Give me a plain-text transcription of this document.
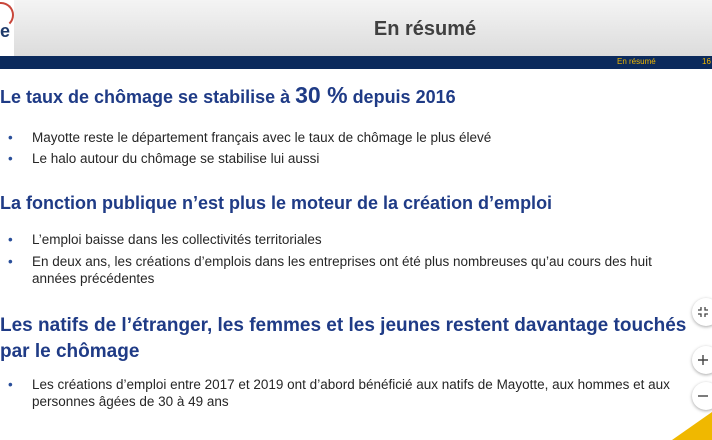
e	En résumé
En résumé	16
Le taux de chômage se stabilise à 30 % depuis 2016
• Mayotte reste le département français avec le taux de chômage le plus élevé
• Le halo autour du chômage se stabilise lui aussi
La fonction publique n’est plus le moteur de la création d’emploi
• L’emploi baisse dans les collectivités territoriales
• En deux ans, les créations d’emplois dans les entreprises ont été plus nombreuses qu’au cours des huit années précédentes
Les natifs de l’étranger, les femmes et les jeunes restent davantage touchés par le chômage
• Les créations d’emploi entre 2017 et 2019 ont d’abord bénéficié aux natifs de Mayotte, aux hommes et aux personnes âgées de 30 à 49 ans
